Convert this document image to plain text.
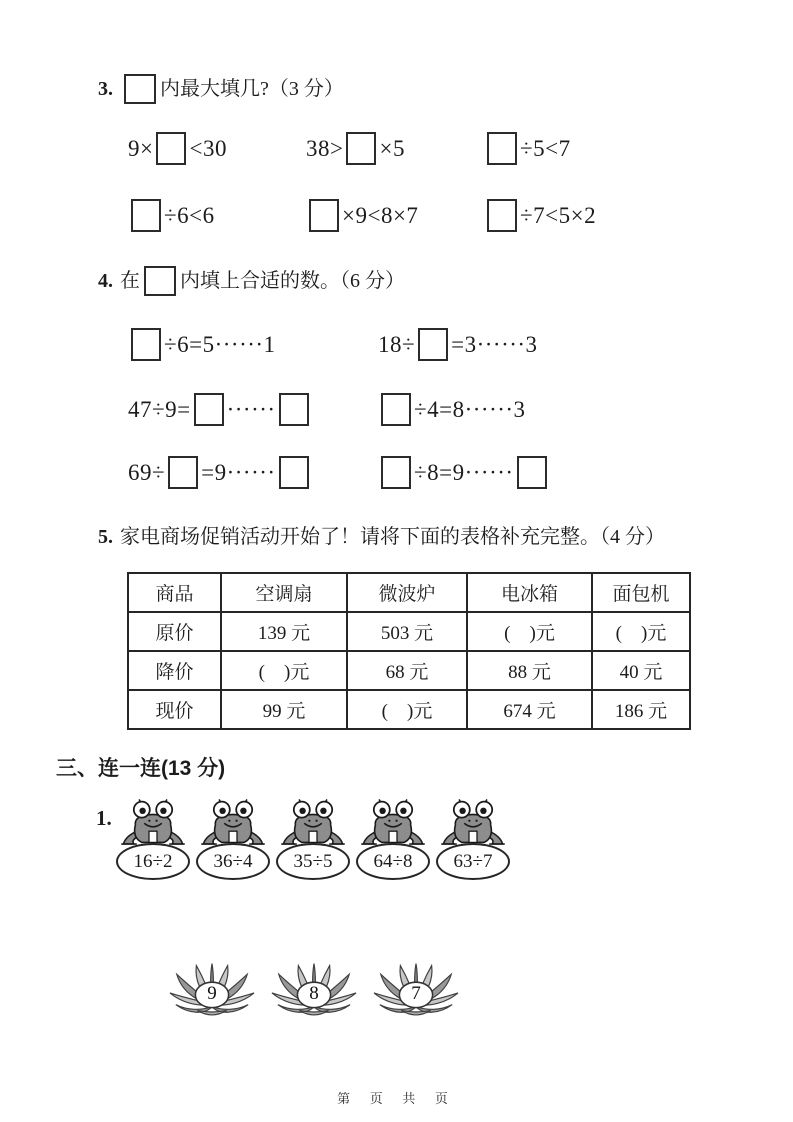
3. 内最大填几?（3 分）
9× <30	38> ×5	÷5<7
÷6<6	×9<8×7	÷7<5×2
4. 在 内填上合适的数。（6 分）
÷6=5······1	18÷ =3······3
47÷9= ······	÷4=8······3
69÷ =9······	÷8=9······
5. 家电商场促销活动开始了！请将下面的表格补充完整。（4 分）
商品	空调扇	微波炉	电冰箱	面包机
原价	139 元	503 元	(    )元	(    )元
降价	(    )元	68 元	88 元	40 元
现价	99 元	(    )元	674 元	186 元
三、连一连(13 分)
1.
16÷2 36÷4 35÷5 64÷8 63÷7
9	8	7
第 页 共 页
